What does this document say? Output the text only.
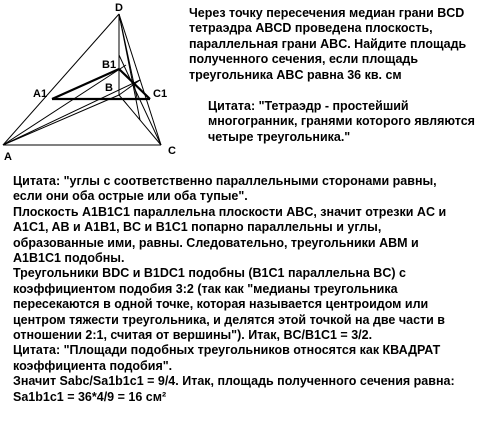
D
B1
A1	B	C1
A	C

Через точку пересечения медиан грани BCD
тетраэдра ABCD проведена плоскость,
параллельная грани ABC. Найдите площадь
полученного сечения, если площадь
треугольника ABC равна 36 кв. см

Цитата: "Тетраэдр - простейший
многогранник, гранями которого являются
четыре треугольника."

Цитата: "углы с соответственно параллельными сторонами равны,
если они оба острые или оба тупые".
Плоскость A1B1C1 параллельна плоскости ABC, значит отрезки AC и
A1C1, AB и A1B1, BC и B1C1 попарно параллельны и углы,
образованные ими, равны. Следовательно, треугольники ABM и
A1B1C1 подобны.
Треугольники BDC и B1DC1 подобны (B1C1 параллельна BC) с
коэффициентом подобия 3:2 (так как "медианы треугольника
пересекаются в одной точке, которая называется центроидом или
центром тяжести треугольника, и делятся этой точкой на две части в
отношении 2:1, считая от вершины"). Итак, BC/B1C1 = 3/2.
Цитата: "Площади подобных треугольников относятся как КВАДРАТ
коэффициента подобия".
Значит Sabc/Sa1b1c1 = 9/4. Итак, площадь полученного сечения равна:
Sa1b1c1 = 36*4/9 = 16 см²
